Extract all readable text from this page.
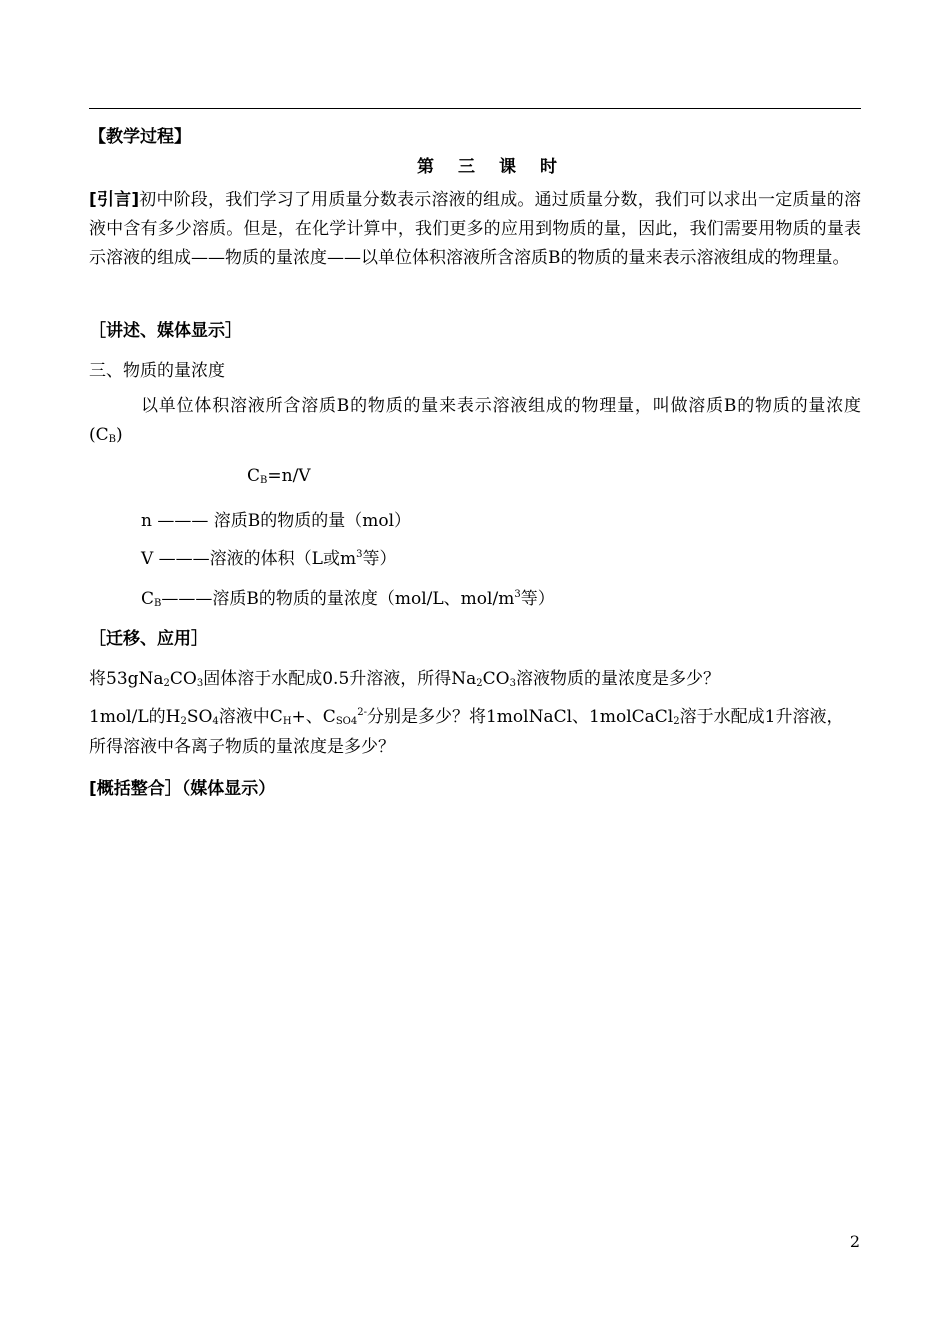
【教学过程】
第三课时
[引言]初中阶段，我们学习了用质量分数表示溶液的组成。通过质量分数，我们可以求出一定质量的溶液中含有多少溶质。但是，在化学计算中，我们更多的应用到物质的量，因此，我们需要用物质的量表示溶液的组成——物质的量浓度——以单位体积溶液所含溶质B的物质的量来表示溶液组成的物理量。
［讲述、媒体显示］
三、物质的量浓度
以单位体积溶液所含溶质B的物质的量来表示溶液组成的物理量，叫做溶质B的物质的量浓度$(C_B)$
$C_B=n/V$
n ——— 溶质B的物质的量（mol）
V ———溶液的体积（L或$m^3$等）
$C_B———$溶质B的物质的量浓度（mol/L、mol/$m^3$等）
［迁移、应用］
将$53gNa_2CO_3$固体溶于水配成0.5升溶液，所得$Na_2CO_3$溶液物质的量浓度是多少？
1mol/L的$H_2SO_4$溶液中$C_H+$、$C_{SO4}^{2-}$分别是多少？将1molNaCl、1molCaCl$_2$溶于水配成1升溶液，
所得溶液中各离子物质的量浓度是多少？
[概括整合］（媒体显示）
2
